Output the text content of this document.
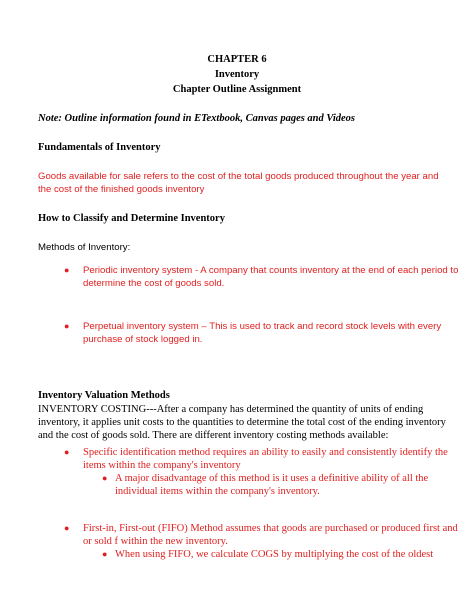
CHAPTER 6
Inventory
Chapter Outline Assignment
Note: Outline information found in ETextbook, Canvas pages and Videos
Fundamentals of Inventory
Goods available for sale refers to the cost of the total goods produced throughout the year and
the cost of the finished goods inventory
How to Classify and Determine Inventory
Methods of Inventory:
● Periodic inventory system - A company that counts inventory at the end of each period to
determine the cost of goods sold.
● Perpetual inventory system – This is used to track and record stock levels with every
purchase of stock logged in.
Inventory Valuation Methods
INVENTORY COSTING---After a company has determined the quantity of units of ending
inventory, it applies unit costs to the quantities to determine the total cost of the ending inventory
and the cost of goods sold. There are different inventory costing methods available:
● Specific identification method requires an ability to easily and consistently identify the
items within the company's inventory
● A major disadvantage of this method is it uses a definitive ability of all the
individual items within the company's inventory.
● First-in, First-out (FIFO) Method assumes that goods are purchased or produced first and
or sold f within the new inventory.
● When using FIFO, we calculate COGS by multiplying the cost of the oldest
